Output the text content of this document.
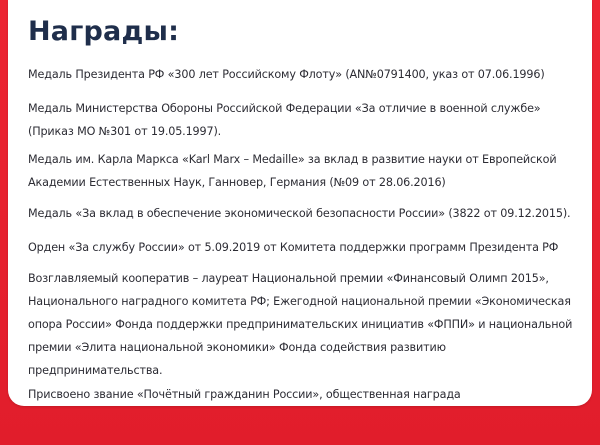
Награды:
Медаль Президента РФ «300 лет Российскому Флоту» (AN№0791400, указ от 07.06.1996)
Медаль Министерства Обороны Российской Федерации «За отличие в военной службе»
(Приказ МО №301 от 19.05.1997).
Медаль им. Карла Маркса «Karl Marx – Medaille» за вклад в развитие науки от Европейской
Академии Естественных Наук, Ганновер, Германия (№09 от 28.06.2016)
Медаль «За вклад в обеспечение экономической безопасности России» (3822 от 09.12.2015).
Орден «За службу России» от 5.09.2019 от Комитета поддержки программ Президента РФ
Возглавляемый кооператив – лауреат Национальной премии «Финансовый Олимп 2015»,
Национального наградного комитета РФ; Ежегодной национальной премии «Экономическая
опора России» Фонда поддержки предпринимательских инициатив «ФППИ» и национальной
премии «Элита национальной экономики» Фонда содействия развитию
предпринимательства.
Присвоено звание «Почётный гражданин России», общественная награда
